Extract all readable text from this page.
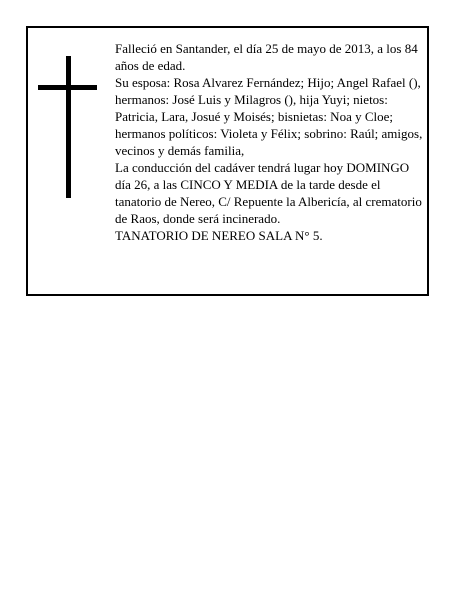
Falleció en Santander, el día 25 de mayo de 2013, a los 84 años de edad.

Su esposa: Rosa Alvarez Fernández; Hijo; Angel Rafael (), hermanos: José Luis y Milagros (), hija Yuyi; nietos: Patricia, Lara, Josué y Moisés; bisnietas: Noa y Cloe; hermanos políticos: Violeta y Félix; sobrino: Raúl; amigos, vecinos y demás familia,

La conducción del cadáver tendrá lugar hoy DOMINGO día 26, a las CINCO Y MEDIA de la tarde desde el tanatorio de Nereo, C/ Repuente la Albericía, al crematorio de Raos, donde será incinerado.

TANATORIO DE NEREO SALA N° 5.
